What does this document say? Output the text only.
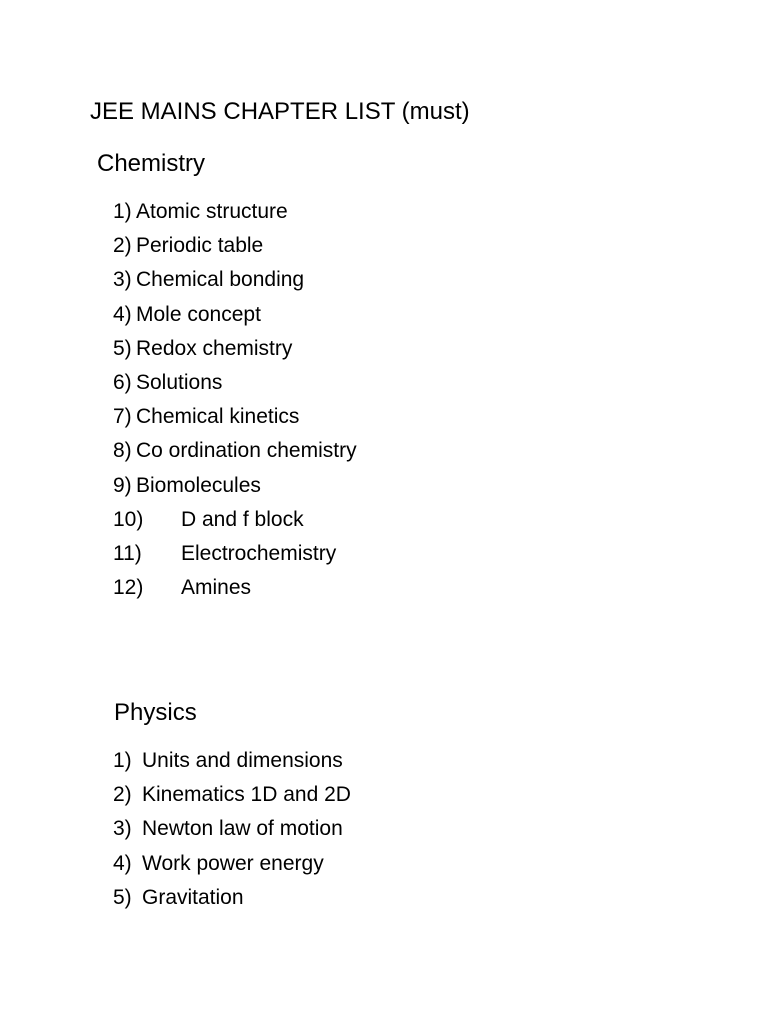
JEE MAINS CHAPTER LIST (must)
Chemistry
1) Atomic structure
2) Periodic table
3) Chemical bonding
4) Mole concept
5) Redox chemistry
6) Solutions
7) Chemical kinetics
8) Co ordination chemistry
9) Biomolecules
10)	D and f block
11)	Electrochemistry
12)	Amines
Physics
1) Units and dimensions
2) Kinematics 1D and 2D
3) Newton law of motion
4) Work power energy
5) Gravitation
